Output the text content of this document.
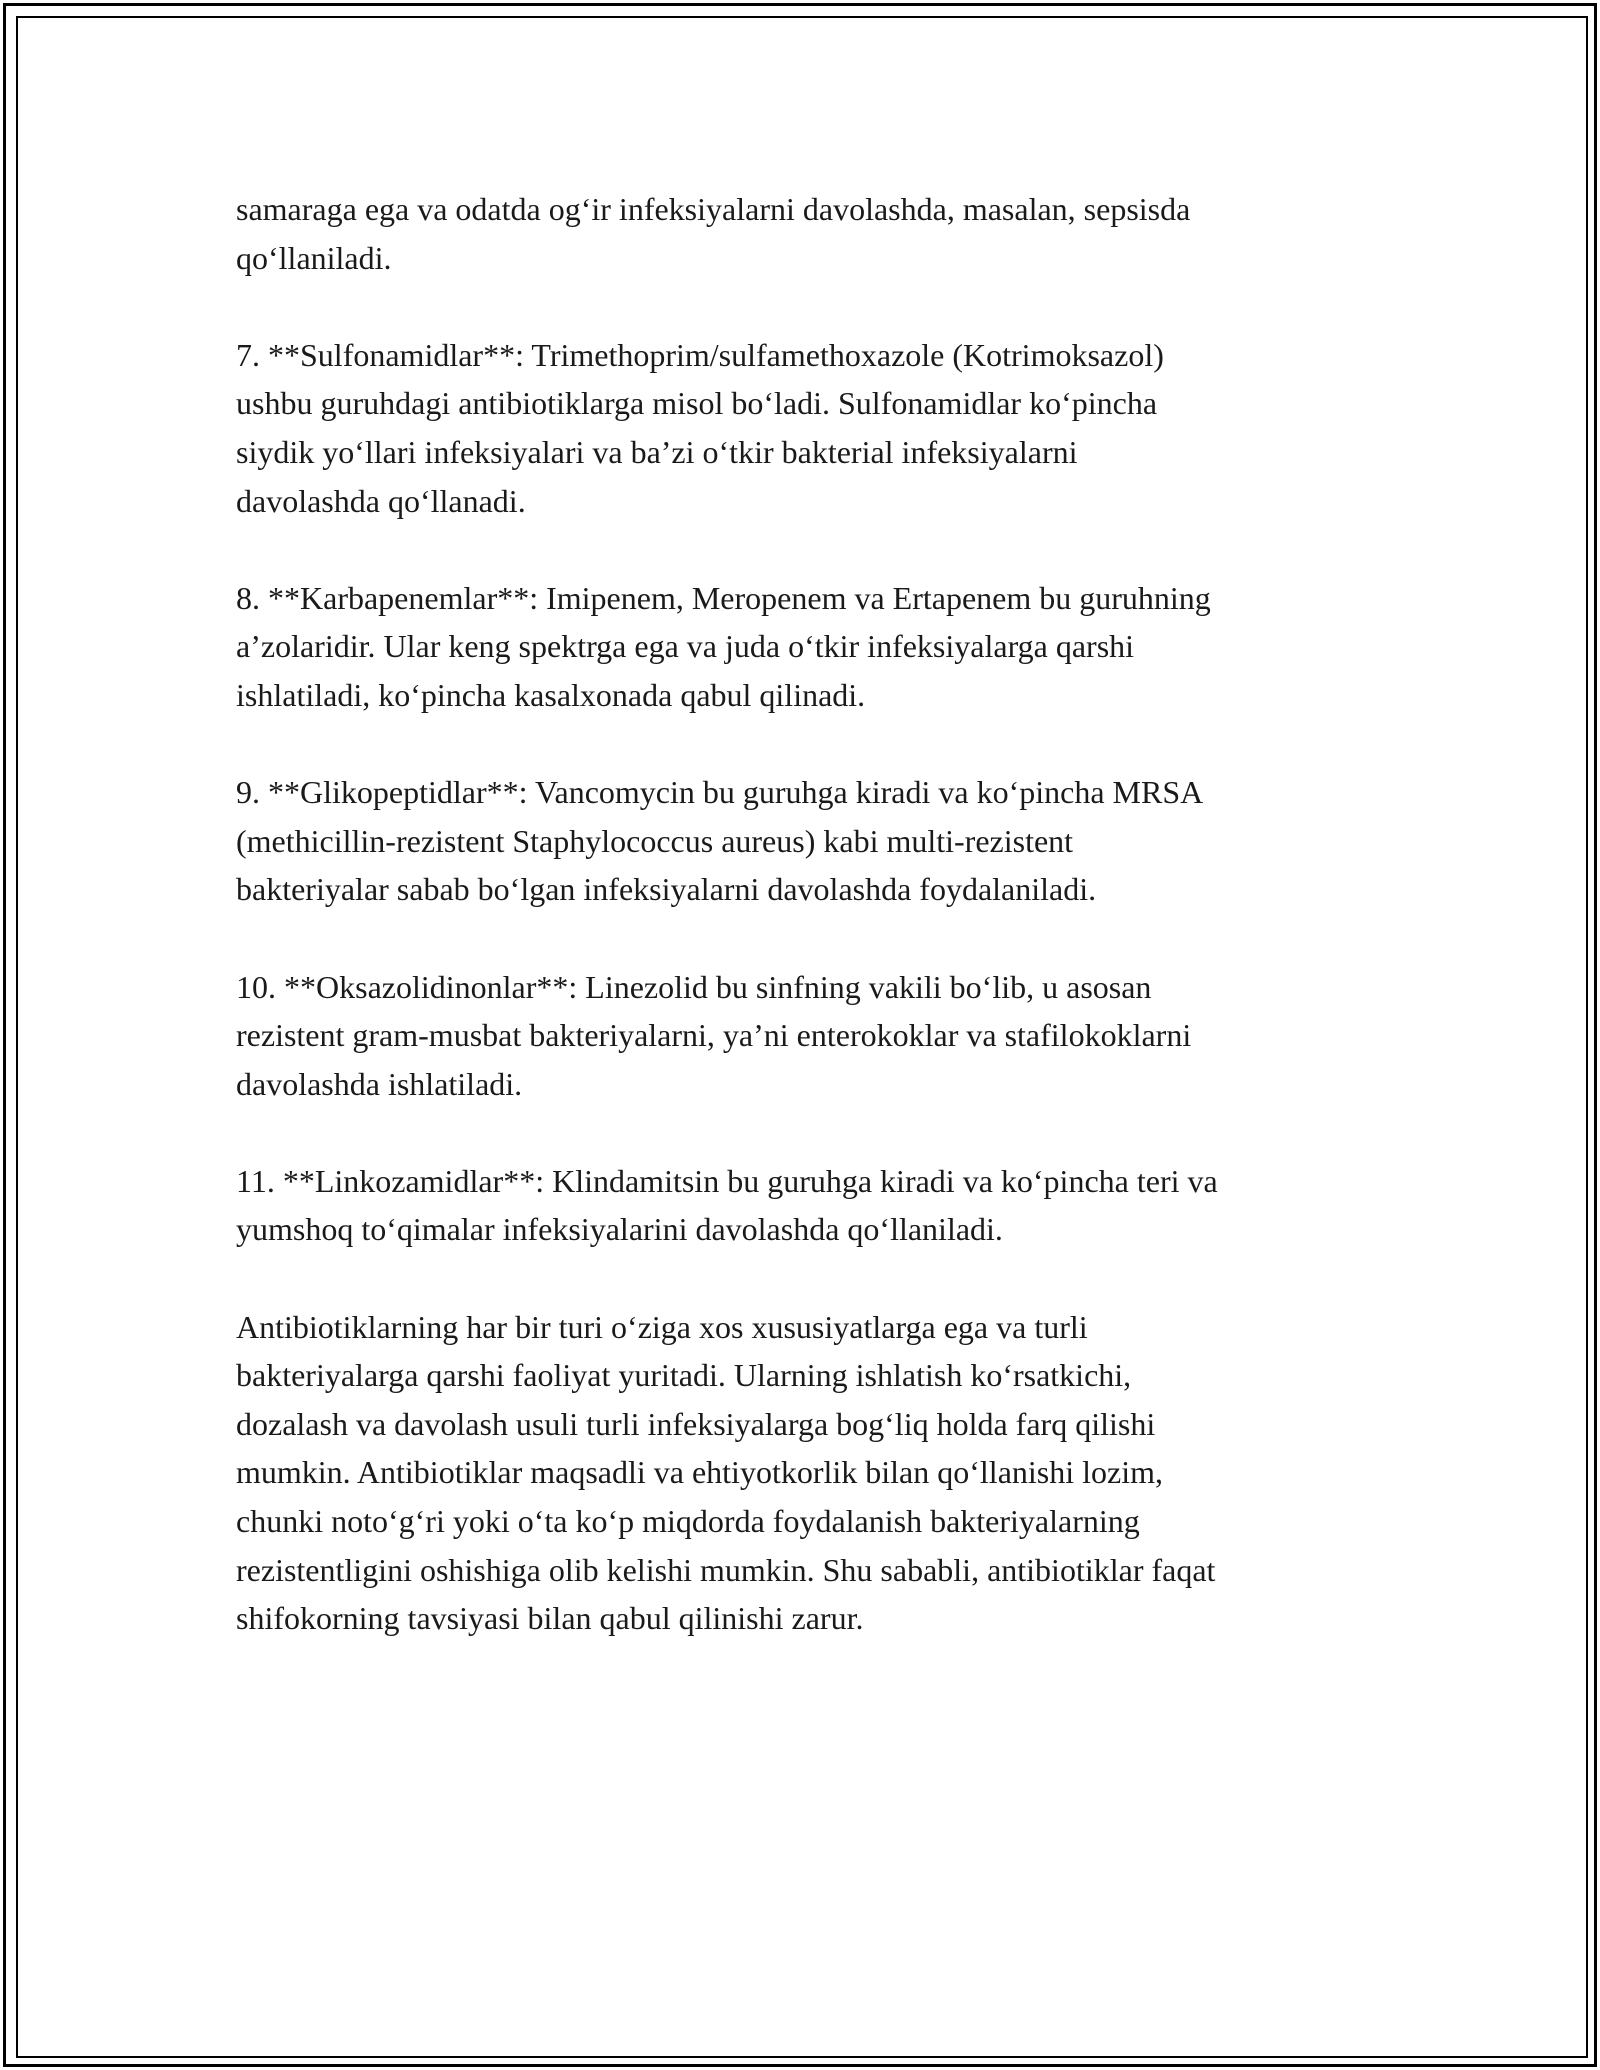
samaraga ega va odatda og‘ir infeksiyalarni davolashda, masalan, sepsisda
qo‘llaniladi.

7. **Sulfonamidlar**: Trimethoprim/sulfamethoxazole (Kotrimoksazol)
ushbu guruhdagi antibiotiklarga misol bo‘ladi. Sulfonamidlar ko‘pincha
siydik yo‘llari infeksiyalari va ba’zi o‘tkir bakterial infeksiyalarni
davolashda qo‘llanadi.

8. **Karbapenemlar**: Imipenem, Meropenem va Ertapenem bu guruhning
a’zolaridir. Ular keng spektrga ega va juda o‘tkir infeksiyalarga qarshi
ishlatiladi, ko‘pincha kasalxonada qabul qilinadi.

9. **Glikopeptidlar**: Vancomycin bu guruhga kiradi va ko‘pincha MRSA
(methicillin-rezistent Staphylococcus aureus) kabi multi-rezistent
bakteriyalar sabab bo‘lgan infeksiyalarni davolashda foydalaniladi.

10. **Oksazolidinonlar**: Linezolid bu sinfning vakili bo‘lib, u asosan
rezistent gram-musbat bakteriyalarni, ya’ni enterokoklar va stafilokoklarni
davolashda ishlatiladi.

11. **Linkozamidlar**: Klindamitsin bu guruhga kiradi va ko‘pincha teri va
yumshoq to‘qimalar infeksiyalarini davolashda qo‘llaniladi.

Antibiotiklarning har bir turi o‘ziga xos xususiyatlarga ega va turli
bakteriyalarga qarshi faoliyat yuritadi. Ularning ishlatish ko‘rsatkichi,
dozalash va davolash usuli turli infeksiyalarga bog‘liq holda farq qilishi
mumkin. Antibiotiklar maqsadli va ehtiyotkorlik bilan qo‘llanishi lozim,
chunki noto‘g‘ri yoki o‘ta ko‘p miqdorda foydalanish bakteriyalarning
rezistentligini oshishiga olib kelishi mumkin. Shu sababli, antibiotiklar faqat
shifokorning tavsiyasi bilan qabul qilinishi zarur.
